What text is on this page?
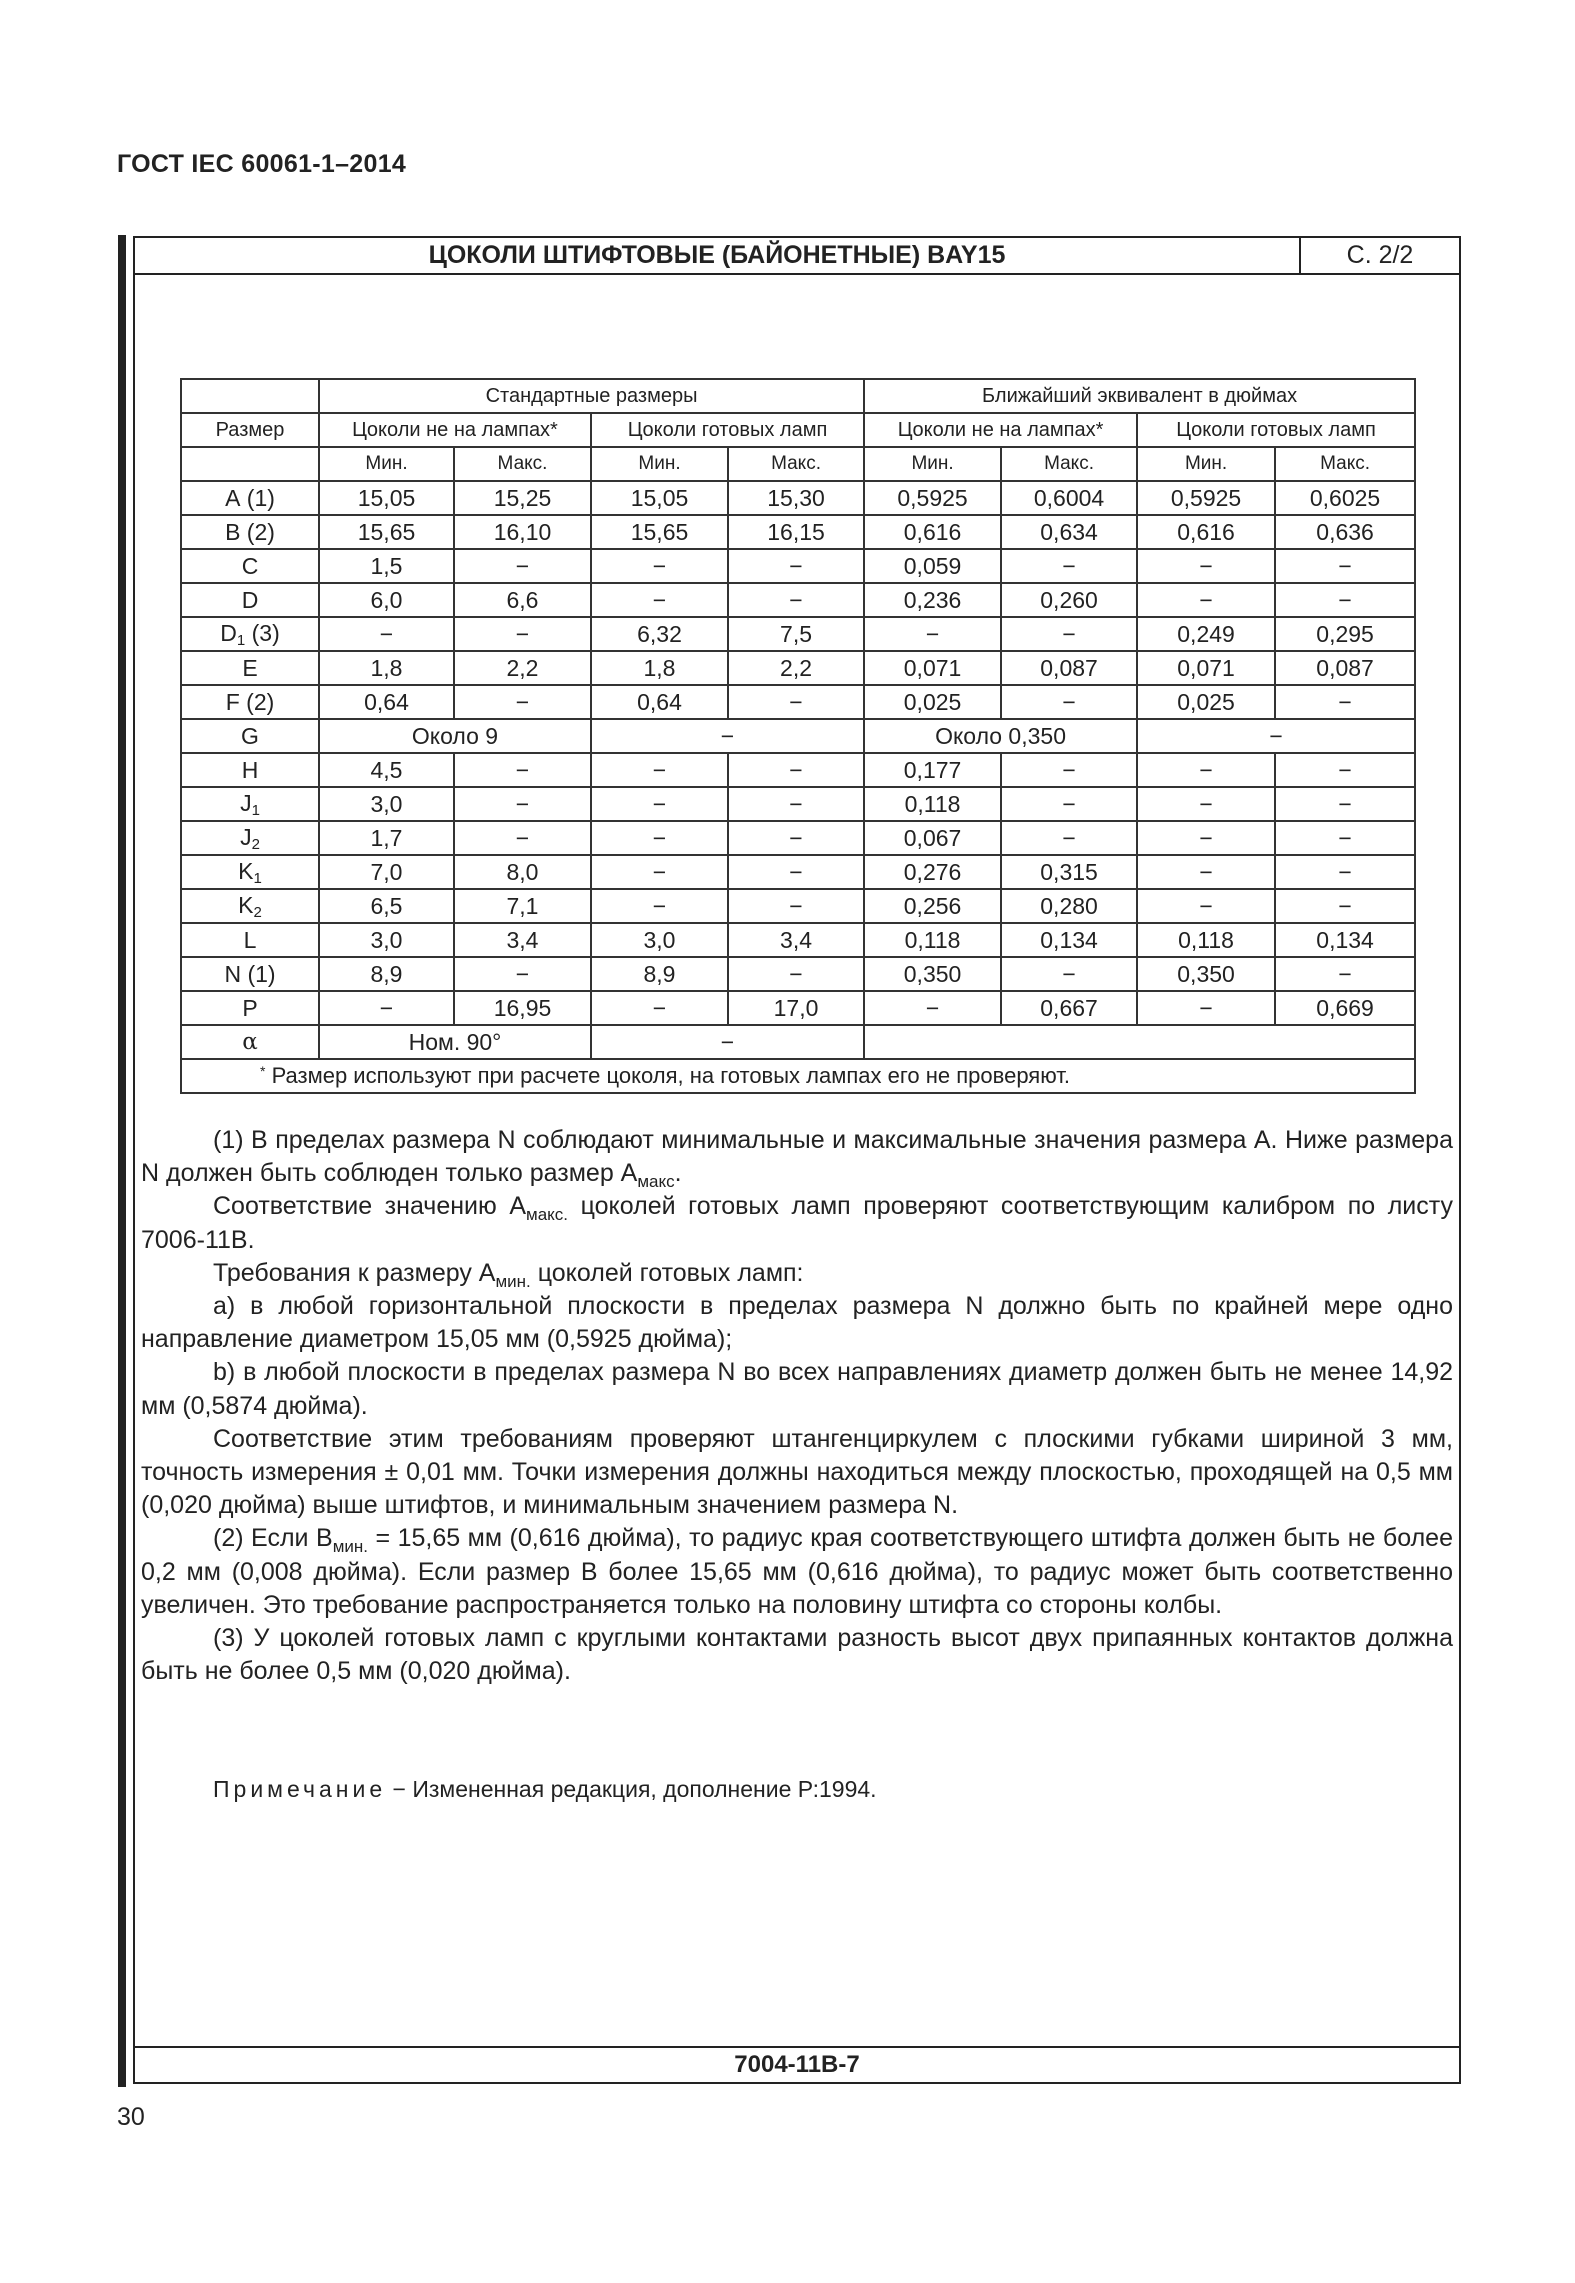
ГОСТ IEC 60061-1–2014
ЦОКОЛИ ШТИФТОВЫЕ (БАЙОНЕТНЫЕ) BAY15	С. 2/2
7004-11В-7
	Стандартные размеры				Ближайший эквивалент в дюймах			
Размер	Цоколи не на лампах*		Цоколи готовых ламп		Цоколи не на лампах*		Цоколи готовых ламп	
	Мин.	Макс.	Мин.	Макс.	Мин.	Макс.	Мин.	Макс.
А (1)	15,05	15,25	15,05	15,30	0,5925	0,6004	0,5925	0,6025
В (2)	15,65	16,10	15,65	16,15	0,616	0,634	0,616	0,636
С	1,5	−	−	−	0,059	−	−	−
D	6,0	6,6	−	−	0,236	0,260	−	−
$D_1$ (3)	−	−	6,32	7,5	−	−	0,249	0,295
Е	1,8	2,2	1,8	2,2	0,071	0,087	0,071	0,087
F (2)	0,64	−	0,64	−	0,025	−	0,025	−
G	Около 9		−		Около 0,350		−	
H	4,5	−	−	−	0,177	−	−	−
$J_1$	3,0	−	−	−	0,118	−	−	−
$J_2$	1,7	−	−	−	0,067	−	−	−
$K_1$	7,0	8,0	−	−	0,276	0,315	−	−
$K_2$	6,5	7,1	−	−	0,256	0,280	−	−
L	3,0	3,4	3,0	3,4	0,118	0,134	0,118	0,134
N (1)	8,9	−	8,9	−	0,350	−	0,350	−
P	−	16,95	−	17,0	−	0,667	−	0,669
α	Ном. 90°		−					
* Размер используют при расчете цоколя, на готовых лампах его не проверяют.								

(1) В пределах размера N соблюдают минимальные и максимальные значения размера А. Ниже размера N должен быть соблюден только размер $А_{макс}$.

Соответствие значению $А_{макс.}$ цоколей готовых ламп проверяют соответствующим калибром по листу 7006-11В.

Требования к размеру $А_{мин.}$ цоколей готовых ламп:

a) в любой горизонтальной плоскости в пределах размера N должно быть по крайней мере одно направление диаметром 15,05 мм (0,5925 дюйма);

b) в любой плоскости в пределах размера N во всех направлениях диаметр должен быть не менее 14,92 мм (0,5874 дюйма).

Соответствие этим требованиям проверяют штангенциркулем с плоскими губками шириной 3 мм, точность измерения ± 0,01 мм. Точки измерения должны находиться между плоскостью, проходящей на 0,5 мм (0,020 дюйма) выше штифтов, и минимальным значением размера N.

(2) Если $В_{мин.} = 15,65$ мм (0,616 дюйма), то радиус края соответствующего штифта должен быть не более 0,2 мм (0,008 дюйма). Если размер В более 15,65 мм (0,616 дюйма), то радиус может быть соответственно увеличен. Это требование распространяется только на половину штифта со стороны колбы.

(3) У цоколей готовых ламп с круглыми контактами разность высот двух припаянных контактов должна быть не более 0,5 мм (0,020 дюйма).

Примечание − Измененная редакция, дополнение Р:1994.
30
